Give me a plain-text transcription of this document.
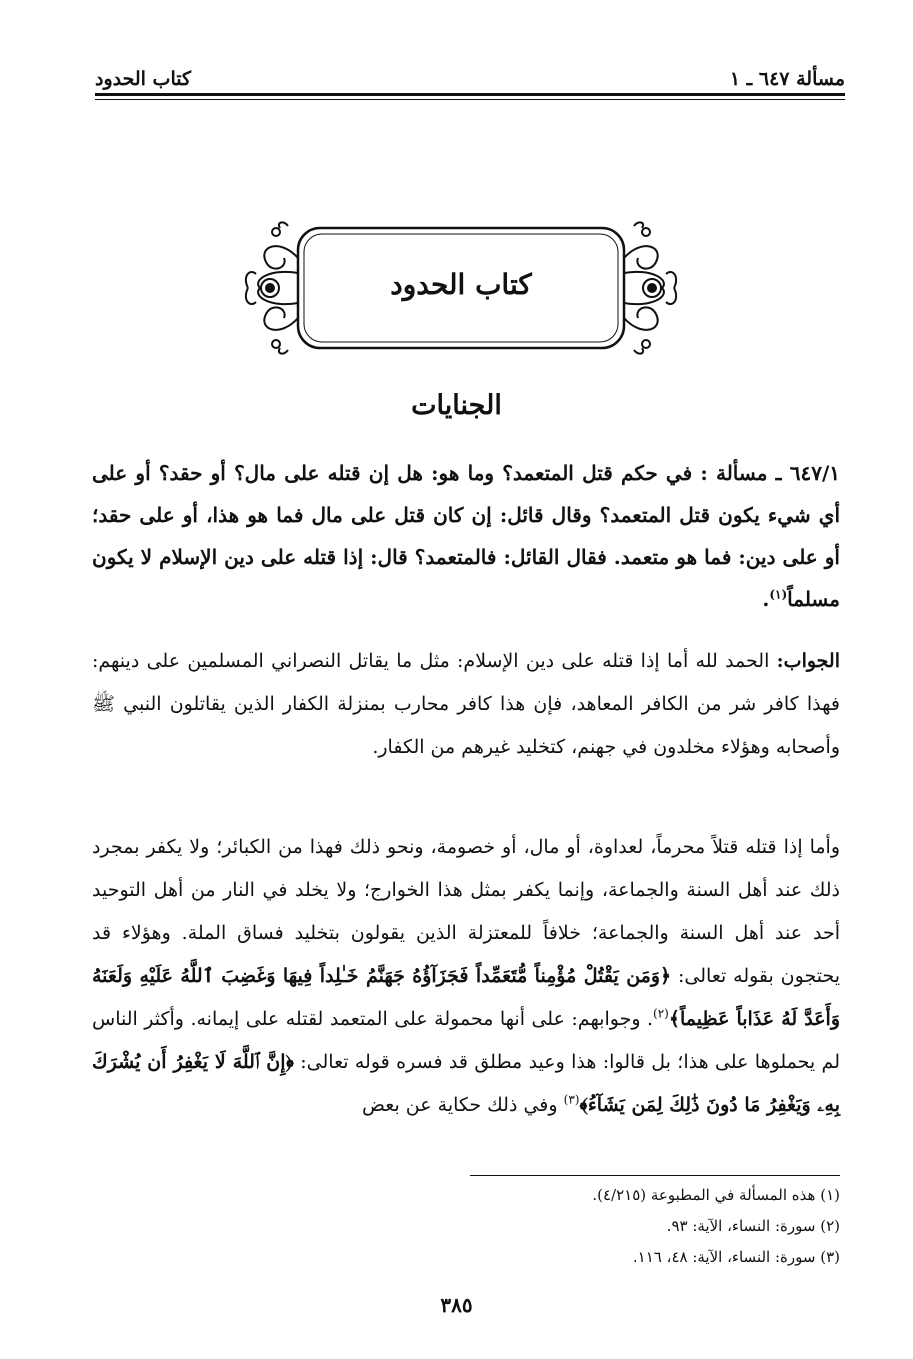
مسألة ٦٤٧ ـ ١
كتاب الحدود
كتاب الحدود
الجنايات
٦٤٧/١ ـ مسألة : في حكم قتل المتعمد؟ وما هو: هل إن قتله على مال؟ أو حقد؟ أو على أي شيء يكون قتل المتعمد؟ وقال قائل: إن كان قتل على مال فما هو هذا، أو على حقد؛ أو على دين: فما هو متعمد. فقال القائل: فالمتعمد؟ قال: إذا قتله على دين الإسلام لا يكون مسلماً$^{(١)}$.
الجواب: الحمد لله أما إذا قتله على دين الإسلام: مثل ما يقاتل النصراني المسلمين على دينهم: فهذا كافر شر من الكافر المعاهد، فإن هذا كافر محارب بمنزلة الكفار الذين يقاتلون النبي ﷺ وأصحابه وهؤلاء مخلدون في جهنم، كتخليد غيرهم من الكفار.
وأما إذا قتله قتلاً محرماً، لعداوة، أو مال، أو خصومة، ونحو ذلك فهذا من الكبائر؛ ولا يكفر بمجرد ذلك عند أهل السنة والجماعة، وإنما يكفر بمثل هذا الخوارج؛ ولا يخلد في النار من أهل التوحيد أحد عند أهل السنة والجماعة؛ خلافاً للمعتزلة الذين يقولون بتخليد فساق الملة. وهؤلاء قد يحتجون بقوله تعالى: ﴿وَمَن يَقْتُلْ مُؤْمِناً مُّتَعَمِّداً فَجَزَآؤُهُ جَهَنَّمُ خَـٰلِداً فِيهَا وَغَضِبَ ٱللَّهُ عَلَيْهِ وَلَعَنَهُ وَأَعَدَّ لَهُ عَذَاباً عَظِيماً﴾$^{(٢)}$. وجوابهم: على أنها محمولة على المتعمد لقتله على إيمانه. وأكثر الناس لم يحملوها على هذا؛ بل قالوا: هذا وعيد مطلق قد فسره قوله تعالى: ﴿إِنَّ ٱللَّهَ لَا يَغْفِرُ أَن يُشْرَكَ بِهِۦ وَيَغْفِرُ مَا دُونَ ذَٰلِكَ لِمَن يَشَآءُ﴾$^{(٣)}$ وفي ذلك حكاية عن بعض
(١) هذه المسألة في المطبوعة (٤/٢١٥).
(٢) سورة: النساء، الآية: ٩٣.
(٣) سورة: النساء، الآية: ٤٨، ١١٦.
٣٨٥
